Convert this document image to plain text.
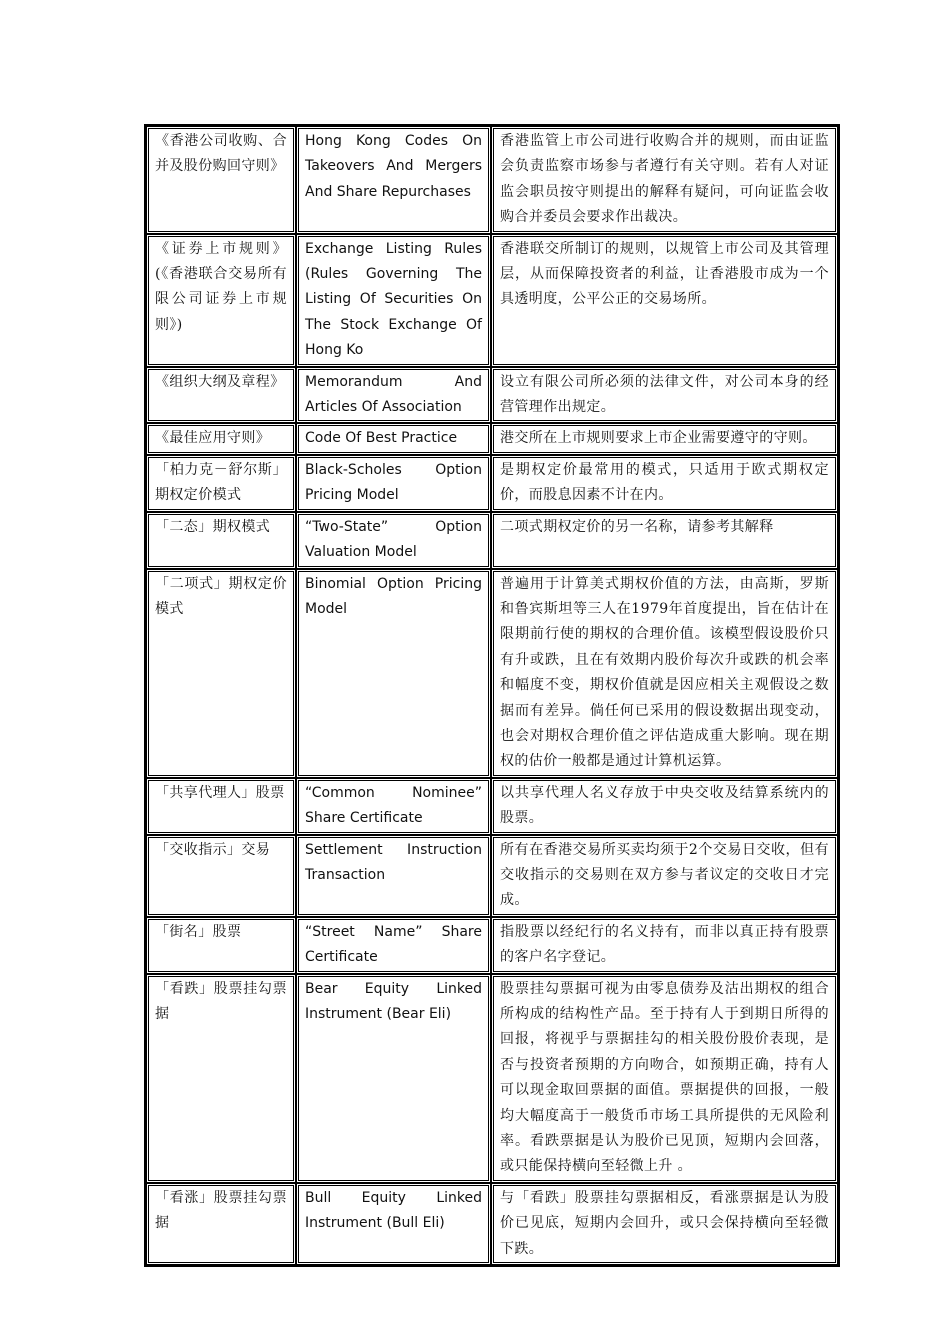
《香港公司收购、合并及股份购回守则》	Hong Kong Codes On Takeovers And Mergers And Share Repurchases	香港监管上市公司进行收购合并的规则，而由证监会负责监察市场参与者遵行有关守则。若有人对证监会职员按守则提出的解释有疑问，可向证监会收购合并委员会要求作出裁决。
《证券上市规则》(《香港联合交易所有限公司证券上市规则》)	Exchange Listing Rules (Rules Governing The Listing Of Securities On The Stock Exchange Of Hong Ko	香港联交所制订的规则，以规管上市公司及其管理层，从而保障投资者的利益，让香港股市成为一个具透明度，公平公正的交易场所。
《组织大纲及章程》	Memorandum And Articles Of Association	设立有限公司所必须的法律文件，对公司本身的经营管理作出规定。
《最佳应用守则》	Code Of Best Practice	港交所在上市规则要求上市企业需要遵守的守则。
「柏力克－舒尔斯」期权定价模式	Black-Scholes Option Pricing Model	是期权定价最常用的模式，只适用于欧式期权定价，而股息因素不计在内。
「二态」期权模式	“Two-State” Option Valuation Model	二项式期权定价的另一名称，请参考其解释
「二项式」期权定价模式	Binomial Option Pricing Model	普遍用于计算美式期权价值的方法，由高斯，罗斯和鲁宾斯坦等三人在1979年首度提出，旨在估计在限期前行使的期权的合理价值。该模型假设股价只有升或跌，且在有效期内股价每次升或跌的机会率和幅度不变，期权价值就是因应相关主观假设之数据而有差异。倘任何已采用的假设数据出现变动，也会对期权合理价值之评估造成重大影响。现在期权的估价一般都是通过计算机运算。
「共享代理人」股票	“Common Nominee” Share Certificate	以共享代理人名义存放于中央交收及结算系统内的股票。
「交收指示」交易	Settlement Instruction Transaction	所有在香港交易所买卖均须于2个交易日交收，但有交收指示的交易则在双方参与者议定的交收日才完成。
「街名」股票	“Street Name” Share Certificate	指股票以经纪行的名义持有，而非以真正持有股票的客户名字登记。
「看跌」股票挂勾票据	Bear Equity Linked Instrument (Bear Eli)	股票挂勾票据可视为由零息债券及沽出期权的组合所构成的结构性产品。至于持有人于到期日所得的回报，将视乎与票据挂勾的相关股份股价表现，是否与投资者预期的方向吻合，如预期正确，持有人可以现金取回票据的面值。票据提供的回报，一般均大幅度高于一般货币市场工具所提供的无风险利率。看跌票据是认为股价已见顶，短期内会回落，或只能保持横向至轻微上升 。
「看涨」股票挂勾票据	Bull Equity Linked Instrument (Bull Eli)	与「看跌」股票挂勾票据相反，看涨票据是认为股价已见底，短期内会回升，或只会保持横向至轻微下跌。
